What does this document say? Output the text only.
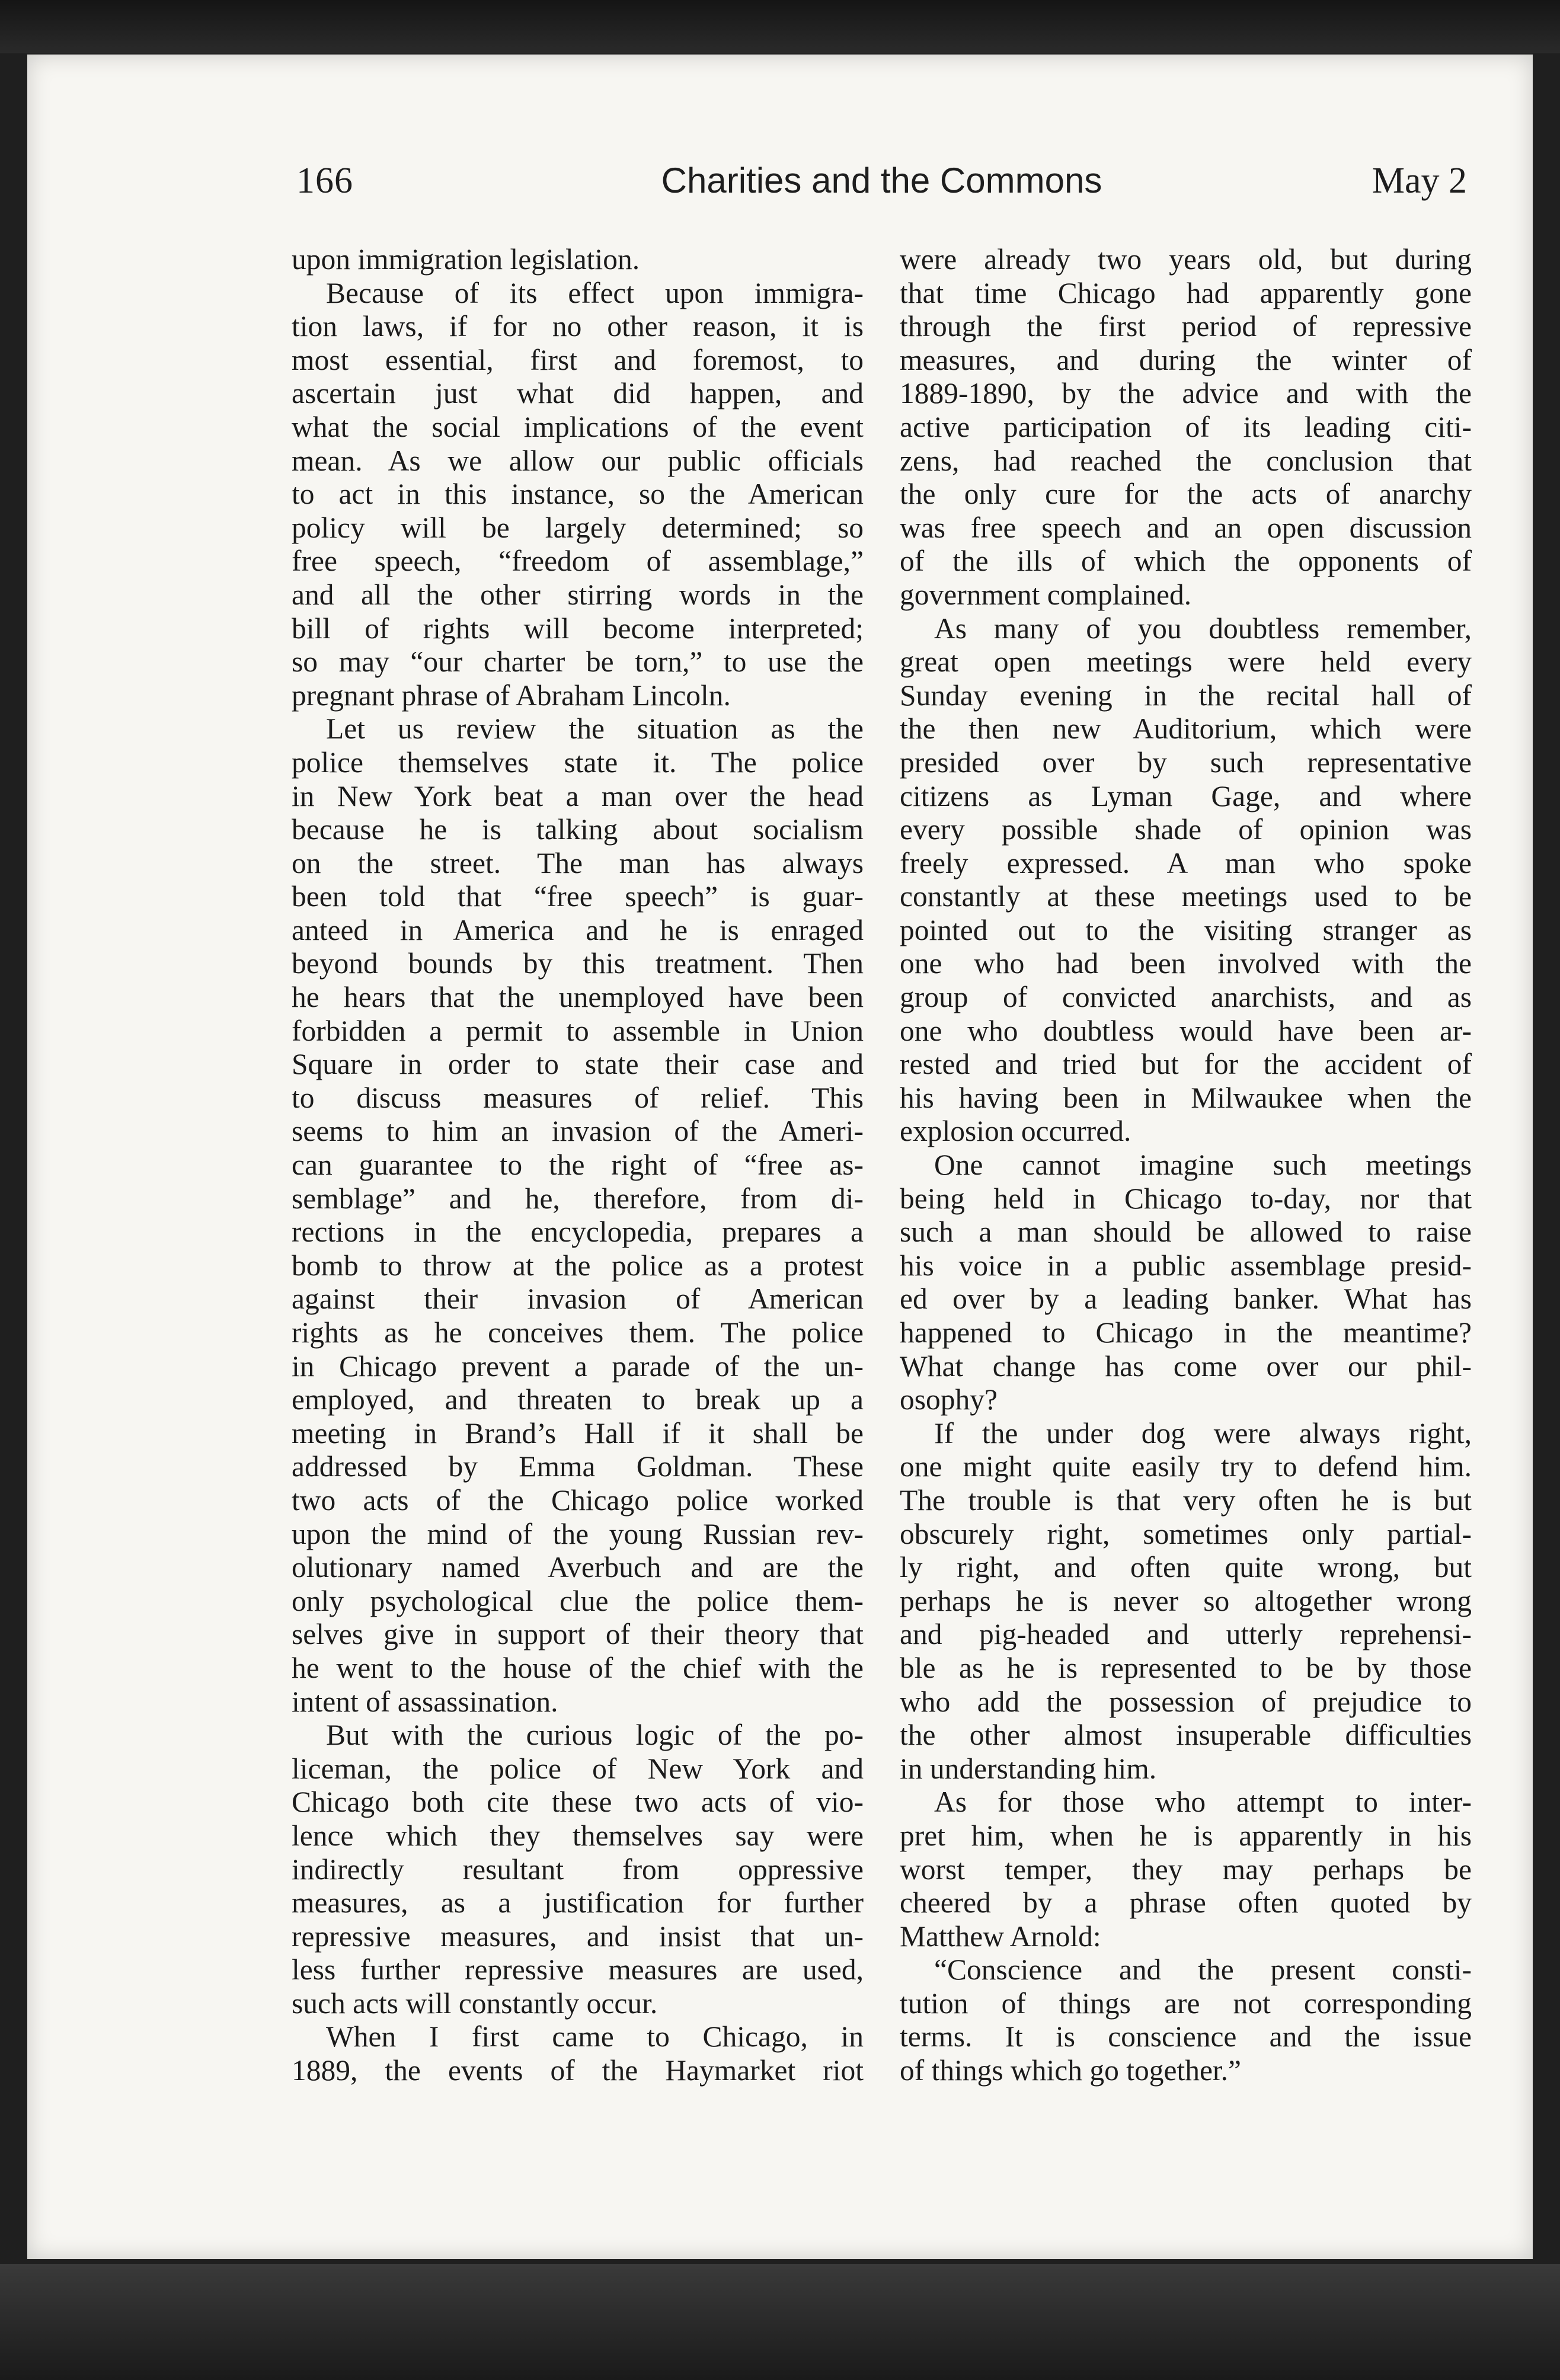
166	Charities and the Commons	May 2
upon immigration legislation.
Because of its effect upon immigra-
tion laws, if for no other reason, it is
most essential, first and foremost, to
ascertain just what did happen, and
what the social implications of the event
mean. As we allow our public officials
to act in this instance, so the American
policy will be largely determined; so
free speech, “freedom of assemblage,”
and all the other stirring words in the
bill of rights will become interpreted;
so may “our charter be torn,” to use the
pregnant phrase of Abraham Lincoln.
Let us review the situation as the
police themselves state it. The police
in New York beat a man over the head
because he is talking about socialism
on the street. The man has always
been told that “free speech” is guar-
anteed in America and he is enraged
beyond bounds by this treatment. Then
he hears that the unemployed have been
forbidden a permit to assemble in Union
Square in order to state their case and
to discuss measures of relief. This
seems to him an invasion of the Ameri-
can guarantee to the right of “free as-
semblage” and he, therefore, from di-
rections in the encyclopedia, prepares a
bomb to throw at the police as a protest
against their invasion of American
rights as he conceives them. The police
in Chicago prevent a parade of the un-
employed, and threaten to break up a
meeting in Brand’s Hall if it shall be
addressed by Emma Goldman. These
two acts of the Chicago police worked
upon the mind of the young Russian rev-
olutionary named Averbuch and are the
only psychological clue the police them-
selves give in support of their theory that
he went to the house of the chief with the
intent of assassination.
But with the curious logic of the po-
liceman, the police of New York and
Chicago both cite these two acts of vio-
lence which they themselves say were
indirectly resultant from oppressive
measures, as a justification for further
repressive measures, and insist that un-
less further repressive measures are used,
such acts will constantly occur.
When I first came to Chicago, in
1889, the events of the Haymarket riot
were already two years old, but during
that time Chicago had apparently gone
through the first period of repressive
measures, and during the winter of
1889-1890, by the advice and with the
active participation of its leading citi-
zens, had reached the conclusion that
the only cure for the acts of anarchy
was free speech and an open discussion
of the ills of which the opponents of
government complained.
As many of you doubtless remember,
great open meetings were held every
Sunday evening in the recital hall of
the then new Auditorium, which were
presided over by such representative
citizens as Lyman Gage, and where
every possible shade of opinion was
freely expressed. A man who spoke
constantly at these meetings used to be
pointed out to the visiting stranger as
one who had been involved with the
group of convicted anarchists, and as
one who doubtless would have been ar-
rested and tried but for the accident of
his having been in Milwaukee when the
explosion occurred.
One cannot imagine such meetings
being held in Chicago to-day, nor that
such a man should be allowed to raise
his voice in a public assemblage presid-
ed over by a leading banker. What has
happened to Chicago in the meantime?
What change has come over our phil-
osophy?
If the under dog were always right,
one might quite easily try to defend him.
The trouble is that very often he is but
obscurely right, sometimes only partial-
ly right, and often quite wrong, but
perhaps he is never so altogether wrong
and pig-headed and utterly reprehensi-
ble as he is represented to be by those
who add the possession of prejudice to
the other almost insuperable difficulties
in understanding him.
As for those who attempt to inter-
pret him, when he is apparently in his
worst temper, they may perhaps be
cheered by a phrase often quoted by
Matthew Arnold:
“Conscience and the present consti-
tution of things are not corresponding
terms. It is conscience and the issue
of things which go together.”
